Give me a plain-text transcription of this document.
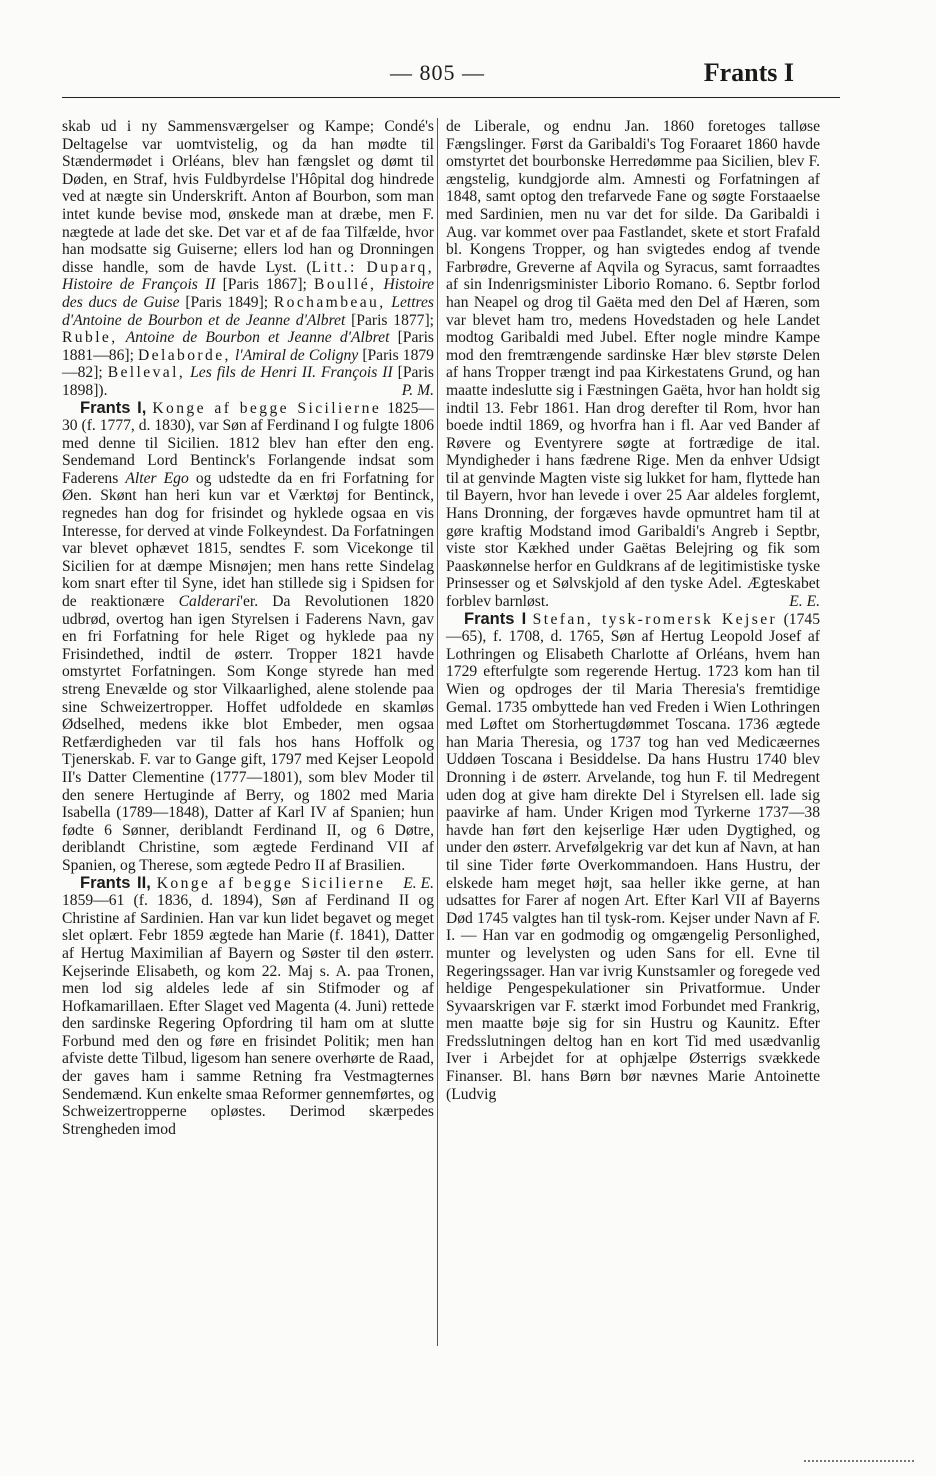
— 805 —	Frants I

skab ud i ny Sammensværgelser og Kampe; Condé's Deltagelse var uomtvistelig, og da han mødte til Stændermødet i Orléans, blev han fængslet og dømt til Døden, en Straf, hvis Fuldbyrdelse l'Hôpital dog hindrede ved at nægte sin Underskrift. Anton af Bourbon, som man intet kunde bevise mod, ønskede man at dræbe, men F. nægtede at lade det ske. Det var et af de faa Tilfælde, hvor han modsatte sig Guiserne; ellers lod han og Dronningen disse handle, som de havde Lyst. (Litt.: Duparq, Histoire de François II [Paris 1867]; Boullé, Histoire des ducs de Guise [Paris 1849]; Rochambeau, Lettres d'Antoine de Bourbon et de Jeanne d'Albret [Paris 1877]; Ruble, Antoine de Bourbon et Jeanne d'Albret [Paris 1881—86]; Delaborde, l'Amiral de Coligny [Paris 1879—82]; Belleval, Les fils de Henri II. François II [Paris 1898]).	P. M.

Frants I, Konge af begge Sicilierne 1825—30 (f. 1777, d. 1830), var Søn af Ferdinand I og fulgte 1806 med denne til Sicilien. 1812 blev han efter den eng. Sendemand Lord Bentinck's Forlangende indsat som Faderens Alter Ego og udstedte da en fri Forfatning for Øen. Skønt han heri kun var et Værktøj for Bentinck, regnedes han dog for frisindet og hyklede ogsaa en vis Interesse, for derved at vinde Folkeyndest. Da Forfatningen var blevet ophævet 1815, sendtes F. som Vicekonge til Sicilien for at dæmpe Misnøjen; men hans rette Sindelag kom snart efter til Syne, idet han stillede sig i Spidsen for de reaktionære Calderari'er. Da Revolutionen 1820 udbrød, overtog han igen Styrelsen i Faderens Navn, gav en fri Forfatning for hele Riget og hyklede paa ny Frisindethed, indtil de østerr. Tropper 1821 havde omstyrtet Forfatningen. Som Konge styrede han med streng Enevælde og stor Vilkaarlighed, alene stolende paa sine Schweizertropper. Hoffet udfoldede en skamløs Ødselhed, medens ikke blot Embeder, men ogsaa Retfærdigheden var til fals hos hans Hoffolk og Tjenerskab. F. var to Gange gift, 1797 med Kejser Leopold II's Datter Clementine (1777—1801), som blev Moder til den senere Hertuginde af Berry, og 1802 med Maria Isabella (1789—1848), Datter af Karl IV af Spanien; hun fødte 6 Sønner, deriblandt Ferdinand II, og 6 Døtre, deriblandt Christine, som ægtede Ferdinand VII af Spanien, og Therese, som ægtede Pedro II af Brasilien.
E. E.

Frants II, Konge af begge Sicilierne 1859—61 (f. 1836, d. 1894), Søn af Ferdinand II og Christine af Sardinien. Han var kun lidet begavet og meget slet oplært. Febr 1859 ægtede han Marie (f. 1841), Datter af Hertug Maximilian af Bayern og Søster til den østerr. Kejserinde Elisabeth, og kom 22. Maj s. A. paa Tronen, men lod sig aldeles lede af sin Stifmoder og af Hofkamarillaen. Efter Slaget ved Magenta (4. Juni) rettede den sardinske Regering Opfordring til ham om at slutte Forbund med den og føre en frisindet Politik; men han afviste dette Tilbud, ligesom han senere overhørte de Raad, der gaves ham i samme Retning fra Vestmagternes Sendemænd. Kun enkelte smaa Reformer gennemførtes, og Schweizertropperne opløstes. Derimod skærpedes Strengheden imod

de Liberale, og endnu Jan. 1860 foretoges talløse Fængslinger. Først da Garibaldi's Tog Foraaret 1860 havde omstyrtet det bourbonske Herredømme paa Sicilien, blev F. ængstelig, kundgjorde alm. Amnesti og Forfatningen af 1848, samt optog den trefarvede Fane og søgte Forstaaelse med Sardinien, men nu var det for silde. Da Garibaldi i Aug. var kommet over paa Fastlandet, skete et stort Frafald bl. Kongens Tropper, og han svigtedes endog af tvende Farbrødre, Greverne af Aqvila og Syracus, samt forraadtes af sin Indenrigsminister Liborio Romano. 6. Septbr forlod han Neapel og drog til Gaëta med den Del af Hæren, som var blevet ham tro, medens Hovedstaden og hele Landet modtog Garibaldi med Jubel. Efter nogle mindre Kampe mod den fremtrængende sardinske Hær blev største Delen af hans Tropper trængt ind paa Kirkestatens Grund, og han maatte indeslutte sig i Fæstningen Gaëta, hvor han holdt sig indtil 13. Febr 1861. Han drog derefter til Rom, hvor han boede indtil 1869, og hvorfra han i fl. Aar ved Bander af Røvere og Eventyrere søgte at fortrædige de ital. Myndigheder i hans fædrene Rige. Men da enhver Udsigt til at genvinde Magten viste sig lukket for ham, flyttede han til Bayern, hvor han levede i over 25 Aar aldeles forglemt, Hans Dronning, der forgæves havde opmuntret ham til at gøre kraftig Modstand imod Garibaldi's Angreb i Septbr, viste stor Kækhed under Gaëtas Belejring og fik som Paaskønnelse herfor en Guldkrans af de legitimistiske tyske Prinsesser og et Sølvskjold af den tyske Adel. Ægteskabet forblev barnløst.	E. E.

Frants I Stefan, tysk-romersk Kejser (1745—65), f. 1708, d. 1765, Søn af Hertug Leopold Josef af Lothringen og Elisabeth Charlotte af Orléans, hvem han 1729 efterfulgte som regerende Hertug. 1723 kom han til Wien og opdroges der til Maria Theresia's fremtidige Gemal. 1735 ombyttede han ved Freden i Wien Lothringen med Løftet om Storhertugdømmet Toscana. 1736 ægtede han Maria Theresia, og 1737 tog han ved Medicæernes Uddøen Toscana i Besiddelse. Da hans Hustru 1740 blev Dronning i de østerr. Arvelande, tog hun F. til Medregent uden dog at give ham direkte Del i Styrelsen ell. lade sig paavirke af ham. Under Krigen mod Tyrkerne 1737—38 havde han ført den kejserlige Hær uden Dygtighed, og under den østerr. Arvefølgekrig var det kun af Navn, at han til sine Tider førte Overkommandoen. Hans Hustru, der elskede ham meget højt, saa heller ikke gerne, at han udsattes for Farer af nogen Art. Efter Karl VII af Bayerns Død 1745 valgtes han til tysk-rom. Kejser under Navn af F. I. — Han var en godmodig og omgængelig Personlighed, munter og levelysten og uden Sans for ell. Evne til Regeringssager. Han var ivrig Kunstsamler og foregede ved heldige Pengespekulationer sin Privatformue. Under Syvaarskrigen var F. stærkt imod Forbundet med Frankrig, men maatte bøje sig for sin Hustru og Kaunitz. Efter Fredsslutningen deltog han en kort Tid med usædvanlig Iver i Arbejdet for at ophjælpe Østerrigs svækkede Finanser. Bl. hans Børn bør nævnes Marie Antoinette (Ludvig
